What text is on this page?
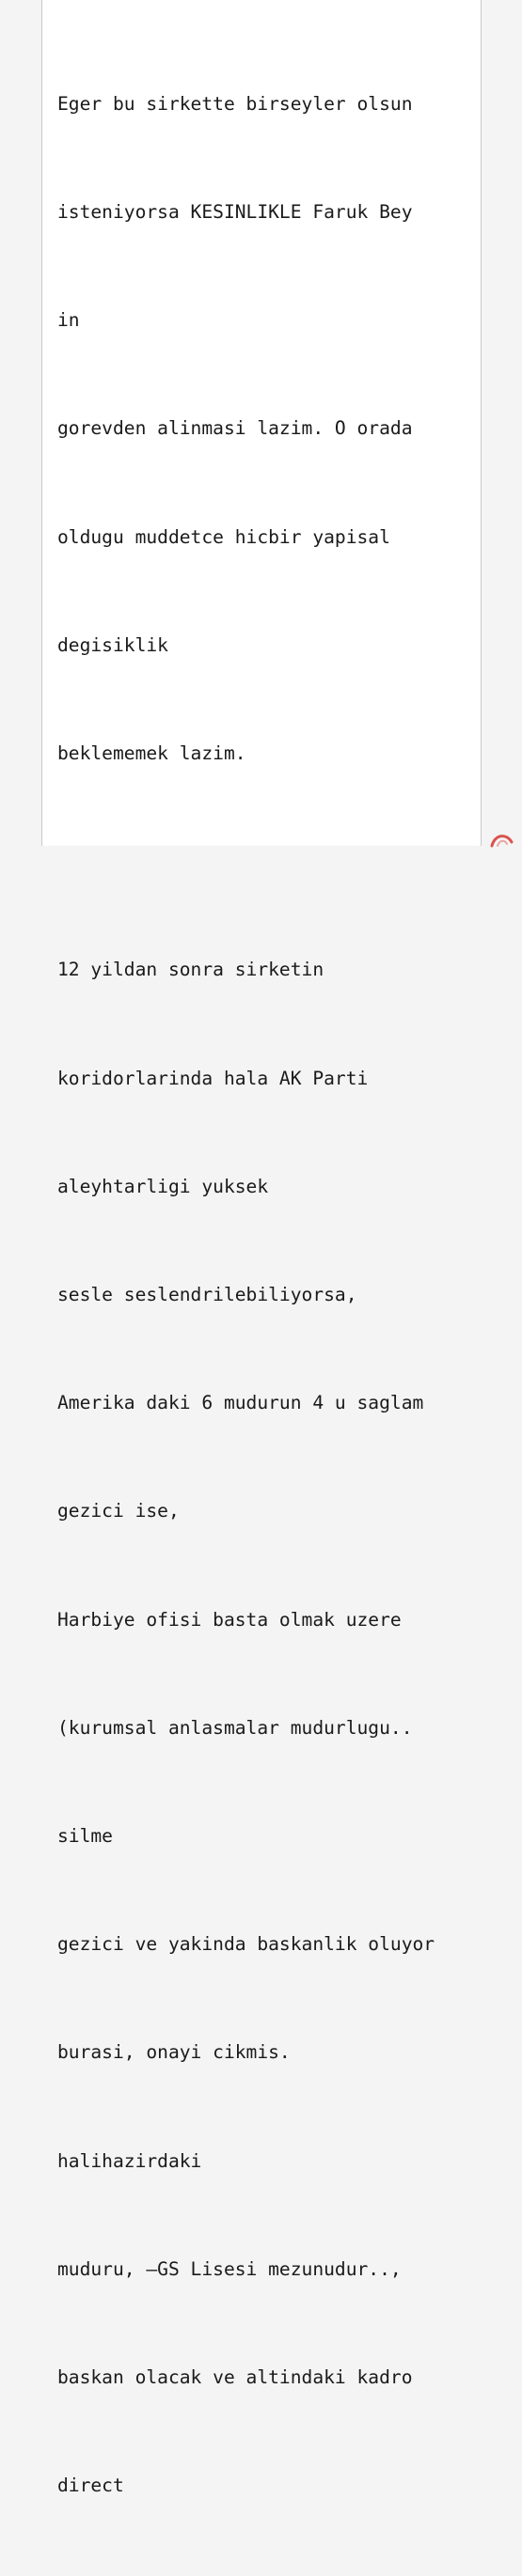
Eger bu sirkette birseyler olsun

isteniyorsa KESINLIKLE Faruk Bey

in

gorevden alinmasi lazim. O orada

oldugu muddetce hicbir yapisal

degisiklik

beklememek lazim.

12 yildan sonra sirketin

koridorlarinda hala AK Parti

aleyhtarligi yuksek

sesle seslendrilebiliyorsa,

Amerika daki 6 mudurun 4 u saglam

gezici ise,

Harbiye ofisi basta olmak uzere

(kurumsal anlasmalar mudurlugu..

silme

gezici ve yakinda baskanlik oluyor

burasi, onayi cikmis.

halihazirdaki

muduru, –GS Lisesi mezunudur..,

baskan olacak ve altindaki kadro

direct
